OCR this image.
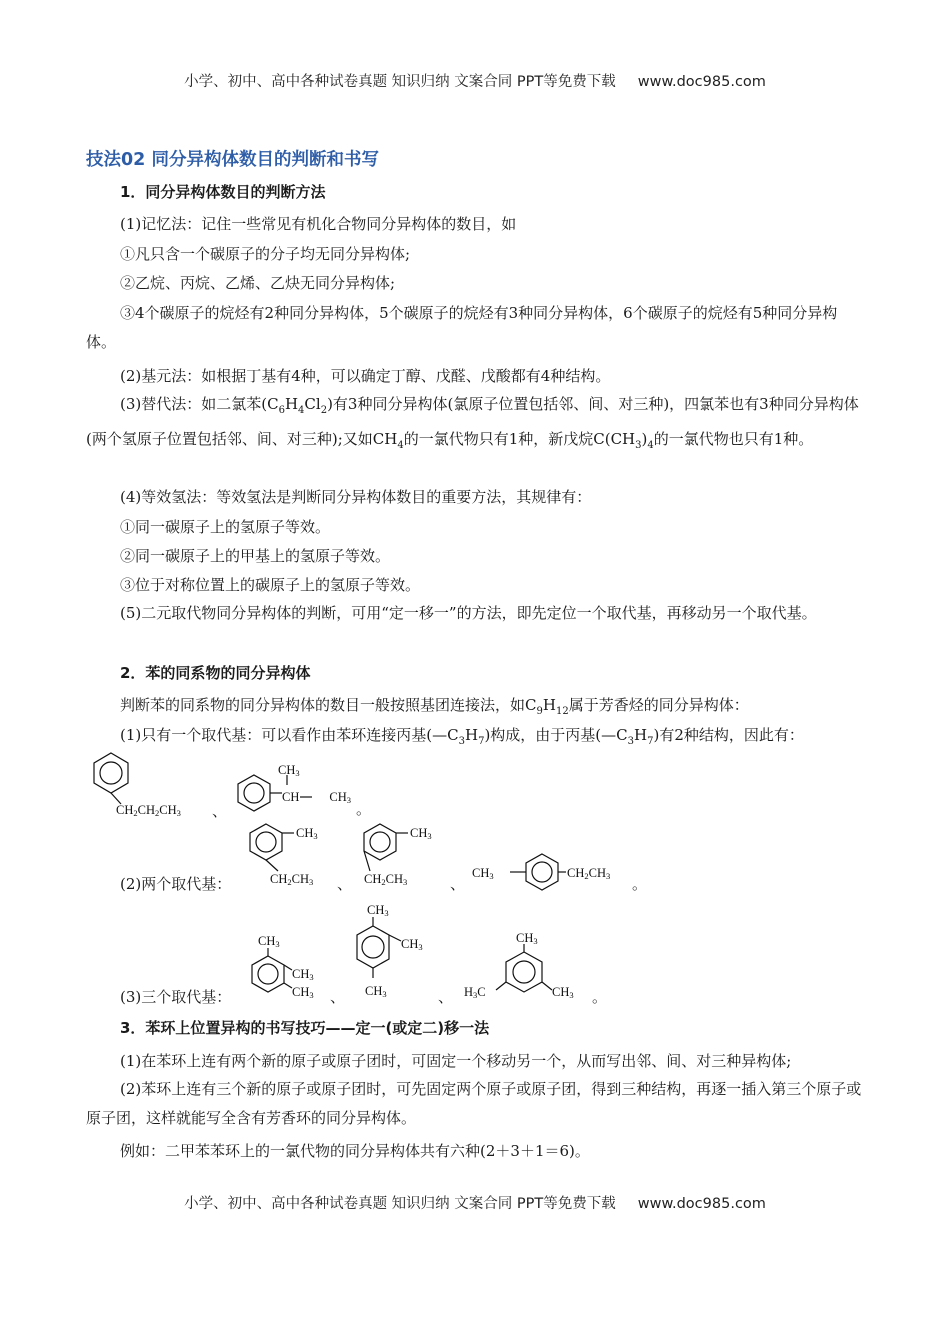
小学、初中、高中各种试卷真题 知识归纳 文案合同 PPT等免费下载 www.doc985.com
技法02 同分异构体数目的判断和书写
1．同分异构体数目的判断方法

(1)记忆法：记住一些常见有机化合物同分异构体的数目，如

①凡只含一个碳原子的分子均无同分异构体;

②乙烷、丙烷、乙烯、乙炔无同分异构体;

③4个碳原子的烷烃有2种同分异构体，5个碳原子的烷烃有3种同分异构体，6个碳原子的烷烃有5种同分异构体。

(2)基元法：如根据丁基有4种，可以确定丁醇、戊醛、戊酸都有4种结构。

(3)替代法：如二氯苯$(C_6H_4Cl_2)$有3种同分异构体(氯原子位置包括邻、间、对三种)，四氯苯也有3种同分异构体(两个氢原子位置包括邻、间、对三种);又如$CH_4$的一氯代物只有1种，新戊烷$C(CH_3)_4$的一氯代物也只有1种。

(4)等效氢法：等效氢法是判断同分异构体数目的重要方法，其规律有：

①同一碳原子上的氢原子等效。

②同一碳原子上的甲基上的氢原子等效。

③位于对称位置上的碳原子上的氢原子等效。

(5)二元取代物同分异构体的判断，可用“定一移一”的方法，即先定位一个取代基，再移动另一个取代基。

2．苯的同系物的同分异构体

判断苯的同系物的同分异构体的数目一般按照基团连接法，如$C_9H_{12}$属于芳香烃的同分异构体：

(1)只有一个取代基：可以看作由苯环连接丙基$(—C_3H_7)$构成，由于丙基$(—C_3H_7)$有2种结构，因此有：

CH2CH2CH3 、
CH3
CH CH3 。

(2)两个取代基：

CH3
CH2CH3 、
CH3
CH2CH3	、
CH3	CH2CH3 。

(3)三个取代基：

CH3
CH3
CH3 、
CH3
CH3
CH3	、
CH3
H3C	CH3 。
3．苯环上位置异构的书写技巧——定一(或定二)移一法

(1)在苯环上连有两个新的原子或原子团时，可固定一个移动另一个，从而写出邻、间、对三种异构体;

(2)苯环上连有三个新的原子或原子团时，可先固定两个原子或原子团，得到三种结构，再逐一插入第三个原子或原子团，这样就能写全含有芳香环的同分异构体。

例如：二甲苯苯环上的一氯代物的同分异构体共有六种(2＋3＋1＝6)。

小学、初中、高中各种试卷真题 知识归纳 文案合同 PPT等免费下载 www.doc985.com
